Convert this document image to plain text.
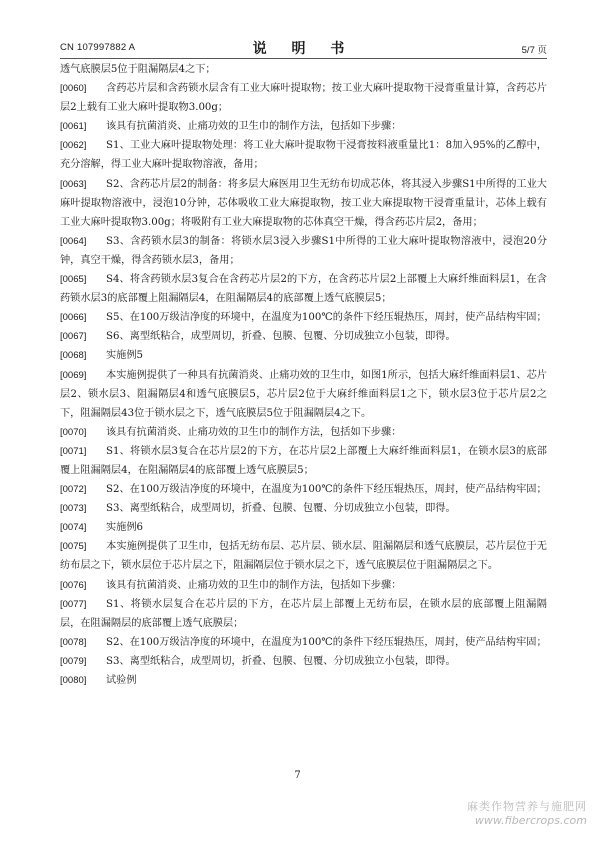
CN 107997882 A	说 明 书	5/7 页

透气底膜层5位于阻漏隔层4之下；

[0060] 含药芯片层和含药锁水层含有工业大麻叶提取物；按工业大麻叶提取物干浸膏重量计算，含药芯片层2上载有工业大麻叶提取物3.00g；

[0061] 该具有抗菌消炎、止痛功效的卫生巾的制作方法，包括如下步骤：

[0062] S1、工业大麻叶提取物处理：将工业大麻叶提取物干浸膏按料液重量比1：8加入95%的乙醇中，充分溶解，得工业大麻叶提取物溶液，备用；

[0063] S2、含药芯片层2的制备：将多层大麻医用卫生无纺布切成芯体，将其浸入步骤S1中所得的工业大麻叶提取物溶液中，浸泡10分钟，芯体吸收工业大麻提取物，按工业大麻提取物干浸膏重量计，芯体上载有工业大麻叶提取物3.00g；将吸附有工业大麻提取物的芯体真空干燥，得含药芯片层2，备用；

[0064] S3、含药锁水层3的制备：将锁水层3浸入步骤S1中所得的工业大麻叶提取物溶液中，浸泡20分钟，真空干燥，得含药锁水层3，备用；

[0065] S4、将含药锁水层3复合在含药芯片层2的下方，在含药芯片层2上部覆上大麻纤维面料层1，在含药锁水层3的底部覆上阻漏隔层4，在阻漏隔层4的底部覆上透气底膜层5；

[0066] S5、在100万级洁净度的环境中，在温度为100℃的条件下经压辊热压，周封，使产品结构牢固；

[0067] S6、离型纸粘合，成型周切，折叠、包膜、包覆、分切成独立小包装，即得。

[0068] 实施例5

[0069] 本实施例提供了一种具有抗菌消炎、止痛功效的卫生巾，如图1所示，包括大麻纤维面料层1、芯片层2、锁水层3、阻漏隔层4和透气底膜层5，芯片层2位于大麻纤维面料层1之下，锁水层3位于芯片层2之下，阻漏隔层43位于锁水层之下，透气底膜层5位于阻漏隔层4之下。

[0070] 该具有抗菌消炎、止痛功效的卫生巾的制作方法，包括如下步骤：

[0071] S1、将锁水层3复合在芯片层2的下方，在芯片层2上部覆上大麻纤维面料层1，在锁水层3的底部覆上阻漏隔层4，在阻漏隔层4的底部覆上透气底膜层5；

[0072] S2、在100万级洁净度的环境中，在温度为100℃的条件下经压辊热压，周封，使产品结构牢固；

[0073] S3、离型纸粘合，成型周切，折叠、包膜、包覆、分切成独立小包装，即得。

[0074] 实施例6

[0075] 本实施例提供了卫生巾，包括无纺布层、芯片层、锁水层、阻漏隔层和透气底膜层，芯片层位于无纺布层之下，锁水层位于芯片层之下，阻漏隔层位于锁水层之下，透气底膜层位于阻漏隔层之下。

[0076] 该具有抗菌消炎、止痛功效的卫生巾的制作方法，包括如下步骤：

[0077] S1、将锁水层复合在芯片层的下方，在芯片层上部覆上无纺布层，在锁水层的底部覆上阻漏隔层，在阻漏隔层的底部覆上透气底膜层；

[0078] S2、在100万级洁净度的环境中，在温度为100℃的条件下经压辊热压，周封，使产品结构牢固；

[0079] S3、离型纸粘合，成型周切，折叠、包膜、包覆、分切成独立小包装，即得。

[0080] 试验例

7
麻类作物营养与施肥网
www.fibercrops.com
